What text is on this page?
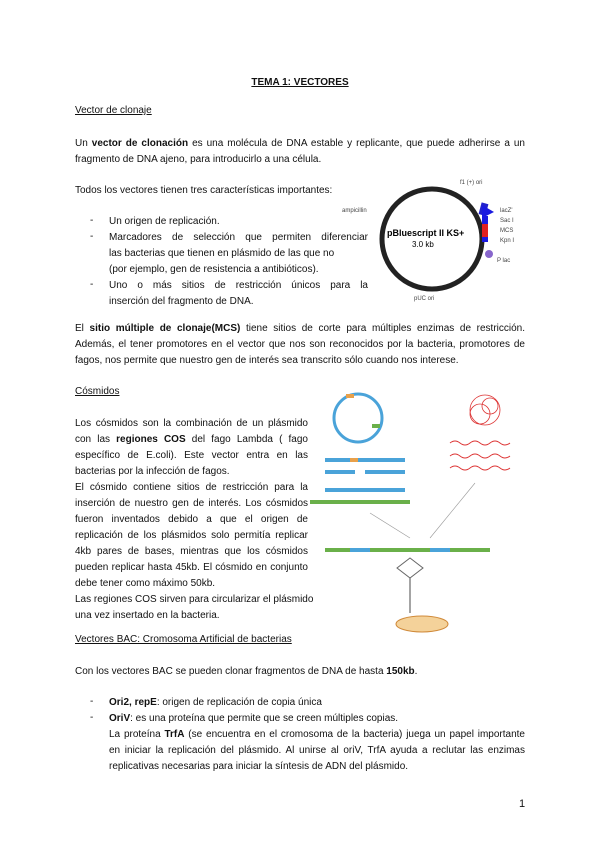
TEMA 1: VECTORES
Vector de clonaje
Un vector de clonación es una molécula de DNA estable y replicante, que puede adherirse a un
fragmento de DNA ajeno, para introducirlo a una célula.
Todos los vectores tienen tres características importantes:
- Un origen de replicación.
- Marcadores de selección que permiten diferenciar
las bacterias que tienen en plásmido de las que no
(por ejemplo, gen de resistencia a antibióticos).
- Uno o más sitios de restricción únicos para la
inserción del fragmento de DNA.
pBluescript II KS+
3.0 kb
f1 (+) ori
lacZ'
Sac I
MCS
Kpn I
P lac
pUC ori
ampicillin
El sitio múltiple de clonaje(MCS) tiene sitios de corte para múltiples enzimas de restricción.
Además, el tener promotores en el vector que nos son reconocidos por la bacteria, promotores de
fagos, nos permite que nuestro gen de interés sea transcrito sólo cuando nos interese.
Cósmidos
Los cósmidos son la combinación de un plásmido
con las regiones COS del fago Lambda ( fago
específico de E.coli). Este vector entra en las
bacterias por la infección de fagos.
El cósmido contiene sitios de restricción para la
inserción de nuestro gen de interés. Los cósmidos
fueron inventados debido a que el origen de
replicación de los plásmidos solo permitía replicar
4kb pares de bases, mientras que los cósmidos
pueden replicar hasta 45kb. El cósmido en conjunto
debe tener como máximo 50kb.
Las regiones COS sirven para circularizar el plásmido
una vez insertado en la bacteria.
Vectores BAC: Cromosoma Artificial de bacterias
Con los vectores BAC se pueden clonar fragmentos de DNA de hasta 150kb.
- Ori2, repE: origen de replicación de copia única
- OriV: es una proteína que permite que se creen múltiples copias.
La proteína TrfA (se encuentra en el cromosoma de la bacteria) juega un papel importante
en iniciar la replicación del plásmido. Al unirse al oriV, TrfA ayuda a reclutar las enzimas
replicativas necesarias para iniciar la síntesis de ADN del plásmido.
1
